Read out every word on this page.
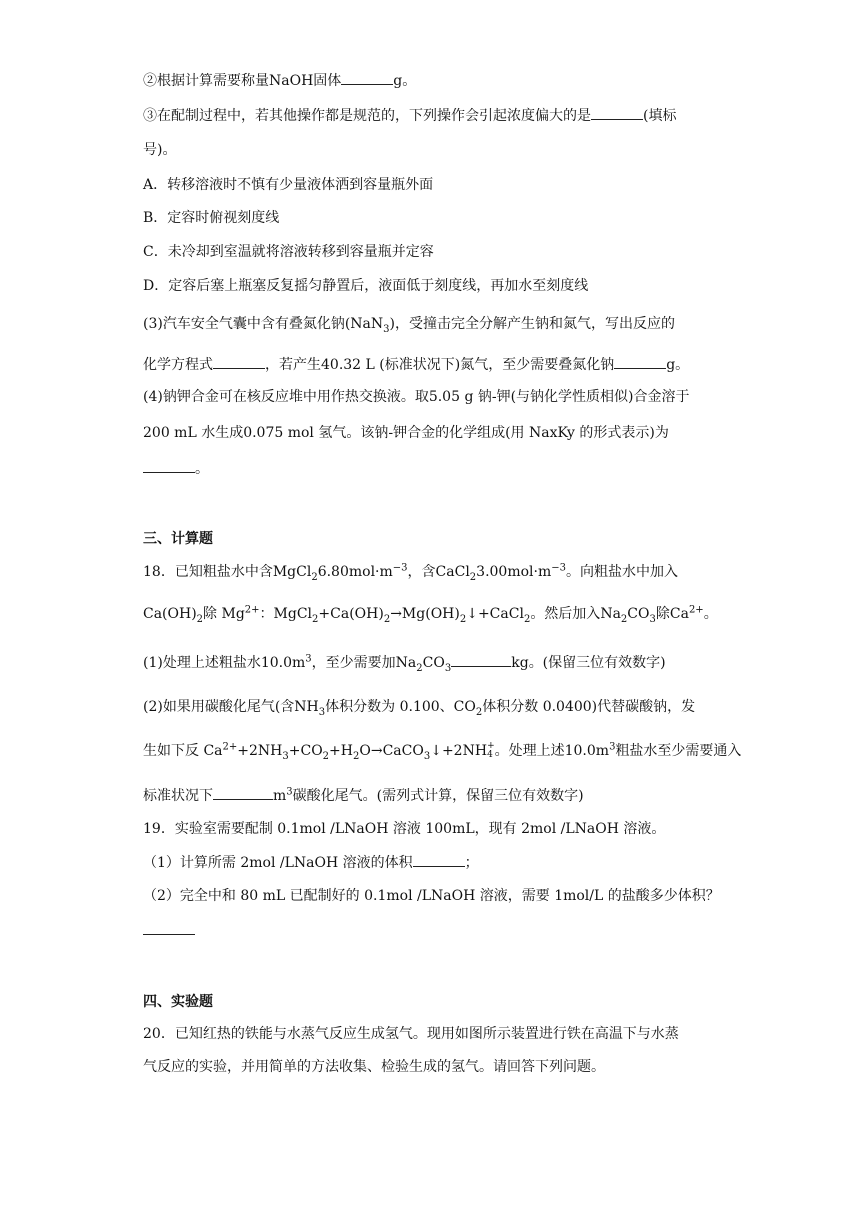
②根据计算需要称量NaOH固体	g。
③在配制过程中，若其他操作都是规范的，下列操作会引起浓度偏大的是	(填标
号)。
A．转移溶液时不慎有少量液体洒到容量瓶外面
B．定容时俯视刻度线
C．未冷却到室温就将溶液转移到容量瓶并定容
D．定容后塞上瓶塞反复摇匀静置后，液面低于刻度线，再加水至刻度线
(3)汽车安全气囊中含有叠氮化钠(NaN$_3$)，受撞击完全分解产生钠和氮气，写出反应的
化学方程式	，若产生40.32 L (标准状况下)氮气，至少需要叠氮化钠	g。
(4)钠钾合金可在核反应堆中用作热交换液。取5.05 g 钠-钾(与钠化学性质相似)合金溶于
200 mL 水生成0.075 mol 氢气。该钠-钾合金的化学组成(用 NaxKy 的形式表示)为
。
三、计算题
18．已知粗盐水中含$MgCl_26.80mol\cdot m^{-3}$，含$CaCl_23.00mol\cdot m^{-3}$。向粗盐水中加入
$Ca(OH)_2$除 $Mg^{2+}$：$MgCl_2+Ca(OH)_2\to Mg(OH)_2↓+CaCl_2$。然后加入$Na_2CO_3$除$Ca^{2+}$。
(1)处理上述粗盐水$10.0m^3$，至少需要加$Na_2CO_3$	kg。(保留三位有效数字)
(2)如果用碳酸化尾气(含$NH_3$体积分数为 0.100、$CO_2$体积分数 0.0400)代替碳酸钠，发
生如下反 $Ca^{2+}+2NH_3+CO_2+H_2O\to CaCO_3↓+2NH$ +
4 。处理上述$10.0m^3$粗盐水至少需要通入
标准状况下	$m^3$碳酸化尾气。(需列式计算，保留三位有效数字)
19．实验室需要配制 0.1mol /LNaOH 溶液 100mL，现有 2mol /LNaOH 溶液。
（1）计算所需 2mol /LNaOH 溶液的体积	；
（2）完全中和 80 mL 已配制好的 0.1mol /LNaOH 溶液，需要 1mol/L 的盐酸多少体积？
四、实验题
20．已知红热的铁能与水蒸气反应生成氢气。现用如图所示装置进行铁在高温下与水蒸
气反应的实验，并用简单的方法收集、检验生成的氢气。请回答下列问题。
